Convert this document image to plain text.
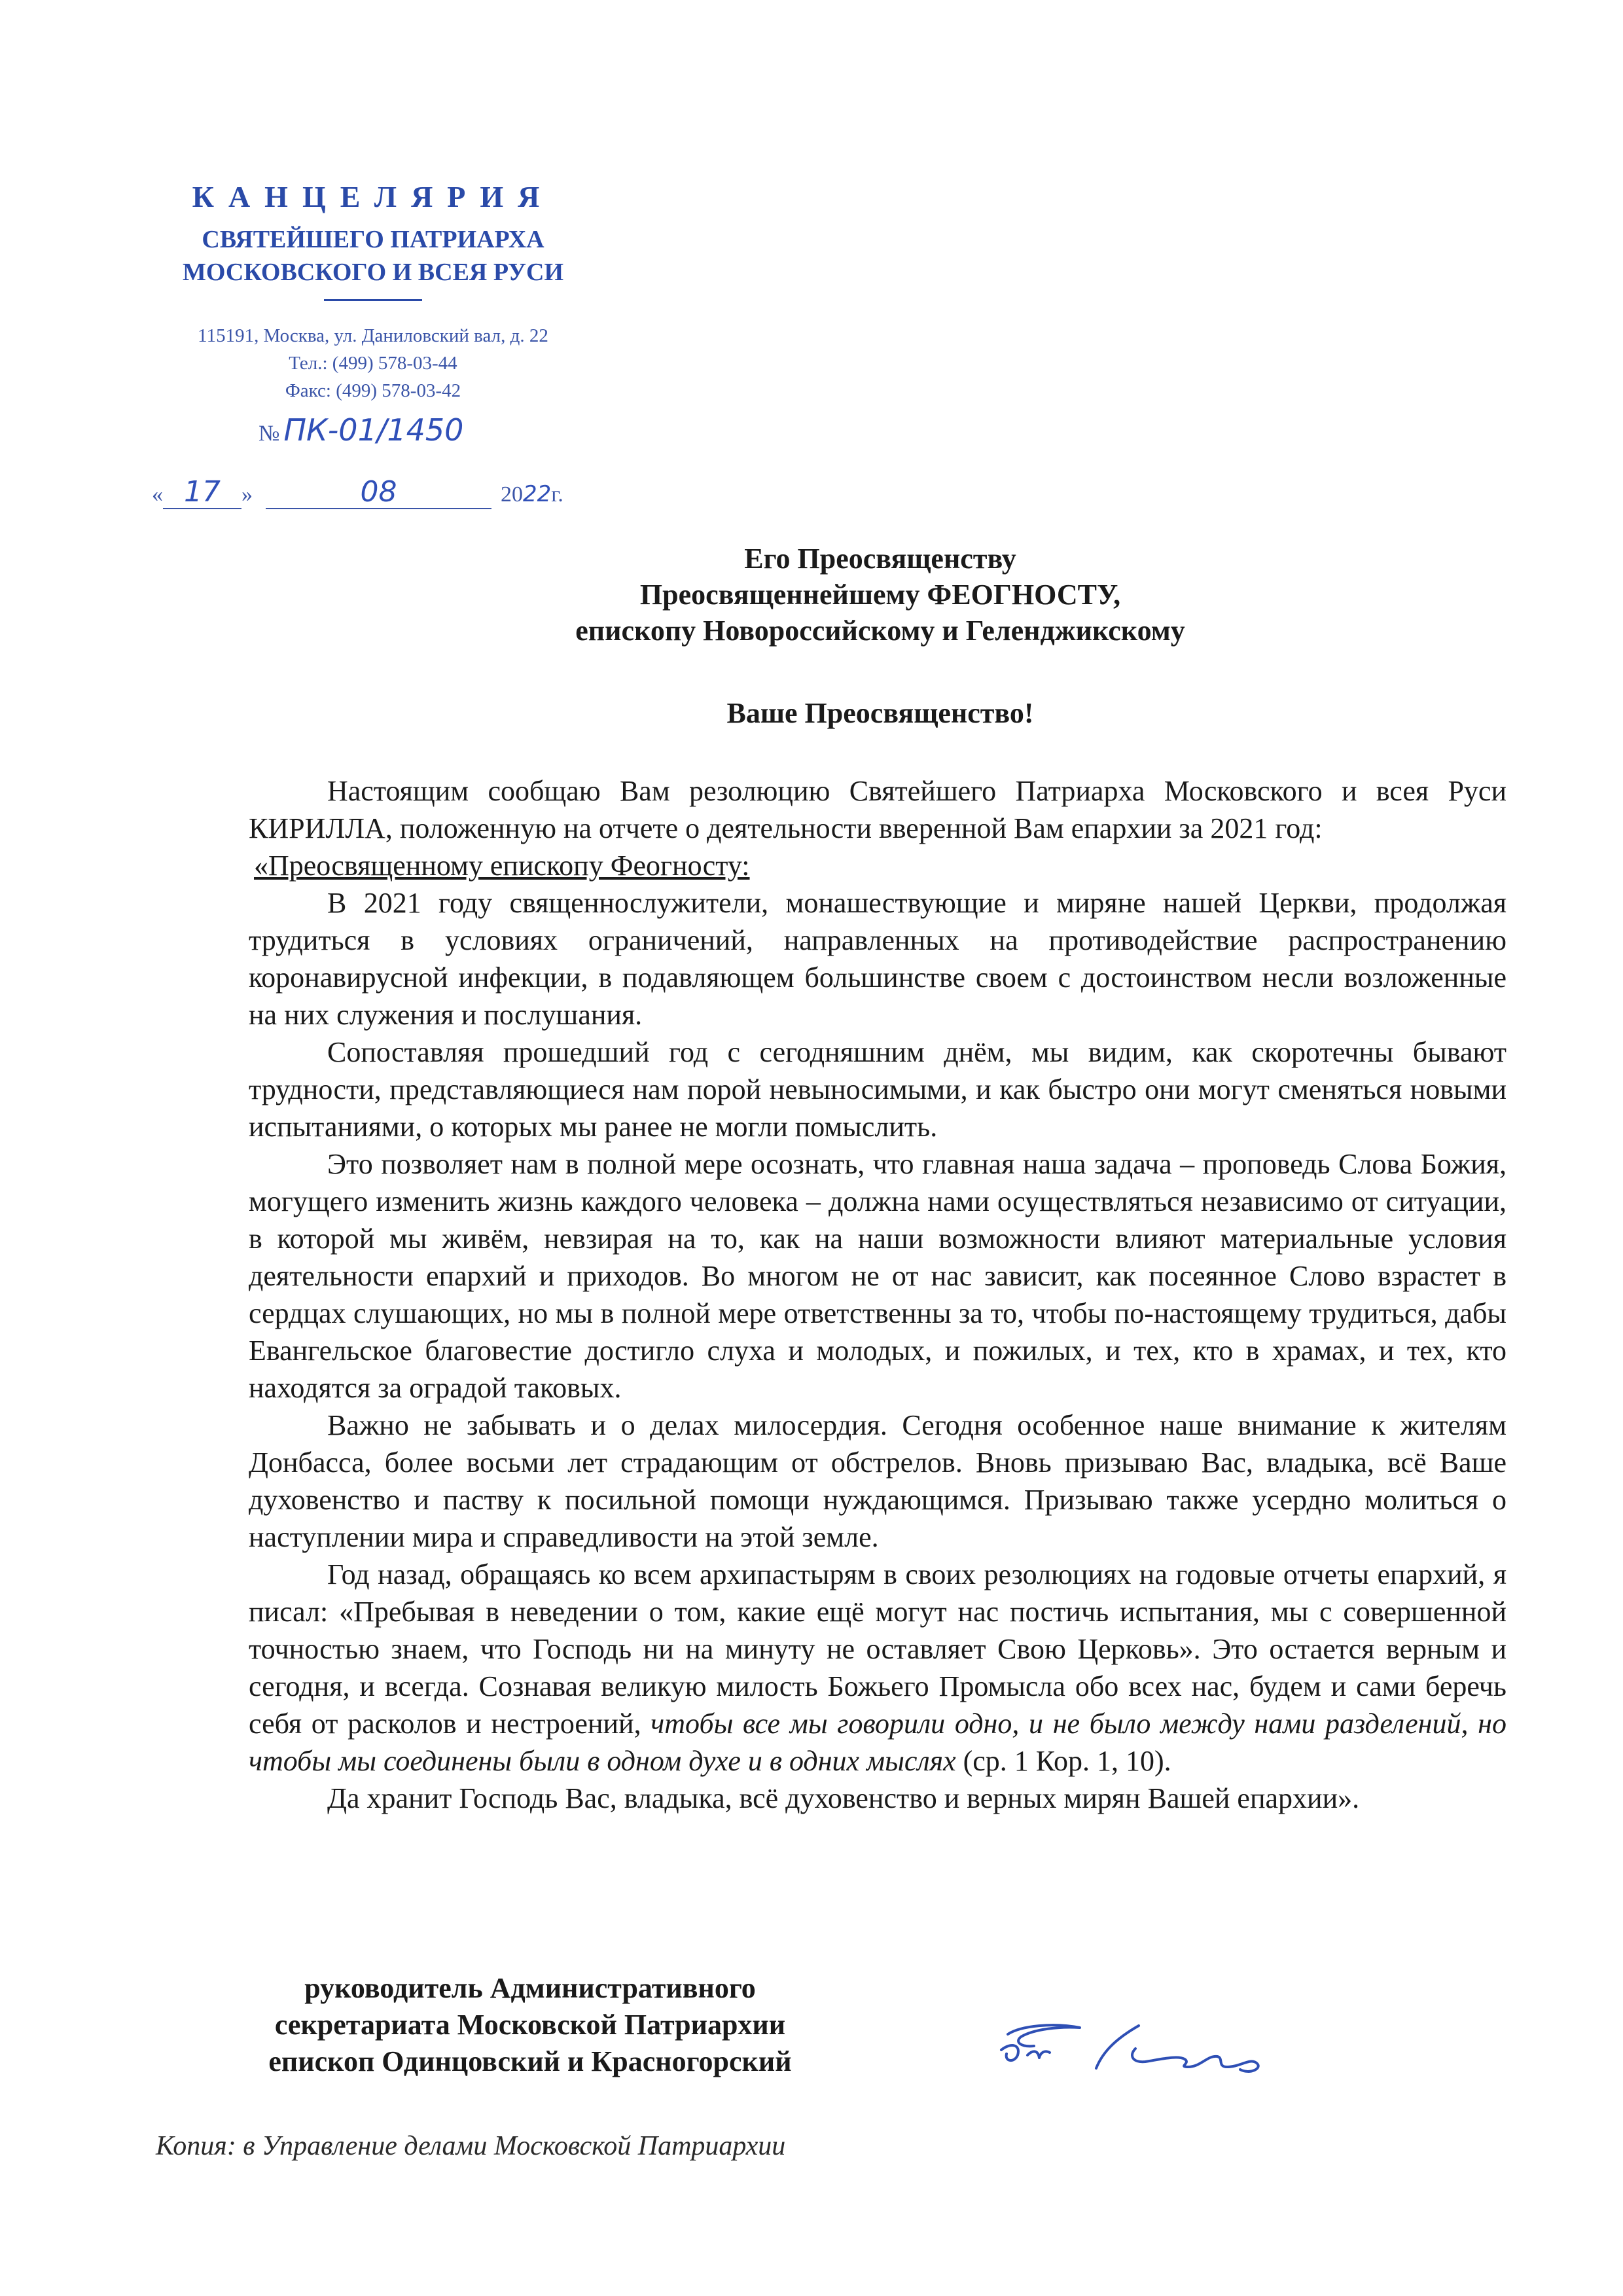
КАНЦЕЛЯРИЯ
СВЯТЕЙШЕГО ПАТРИАРХА
МОСКОВСКОГО И ВСЕЯ РУСИ
115191, Москва, ул. Даниловский вал, д. 22
Тел.: (499) 578-03-44
Факс: (499) 578-03-42
№ ПК-01/1450
« 17 »	08	2022г.
Его Преосвященству
Преосвященнейшему ФЕОГНОСТУ,
епископу Новороссийскому и Геленджикскому
Ваше Преосвященство!

Настоящим сообщаю Вам резолюцию Святейшего Патриарха Московского и всея Руси КИРИЛЛА, положенную на отчете о деятельности вверенной Вам епархии за 2021 год:

«Преосвященному епископу Феогносту:

В 2021 году священнослужители, монашествующие и миряне нашей Церкви, продолжая трудиться в условиях ограничений, направленных на противодействие распространению коронавирусной инфекции, в подавляющем большинстве своем с достоинством несли возложенные на них служения и послушания.

Сопоставляя прошедший год с сегодняшним днём, мы видим, как скоротечны бывают трудности, представляющиеся нам порой невыносимыми, и как быстро они могут сменяться новыми испытаниями, о которых мы ранее не могли помыслить.

Это позволяет нам в полной мере осознать, что главная наша задача – проповедь Слова Божия, могущего изменить жизнь каждого человека – должна нами осуществляться независимо от ситуации, в которой мы живём, невзирая на то, как на наши возможности влияют материальные условия деятельности епархий и приходов. Во многом не от нас зависит, как посеянное Слово взрастет в сердцах слушающих, но мы в полной мере ответственны за то, чтобы по-настоящему трудиться, дабы Евангельское благовестие достигло слуха и молодых, и пожилых, и тех, кто в храмах, и тех, кто находятся за оградой таковых.

Важно не забывать и о делах милосердия. Сегодня особенное наше внимание к жителям Донбасса, более восьми лет страдающим от обстрелов. Вновь призываю Вас, владыка, всё Ваше духовенство и паству к посильной помощи нуждающимся. Призываю также усердно молиться о наступлении мира и справедливости на этой земле.

Год назад, обращаясь ко всем архипастырям в своих резолюциях на годовые отчеты епархий, я писал: «Пребывая в неведении о том, какие ещё могут нас постичь испытания, мы с совершенной точностью знаем, что Господь ни на минуту не оставляет Свою Церковь». Это остается верным и сегодня, и всегда. Сознавая великую милость Божьего Промысла обо всех нас, будем и сами беречь себя от расколов и нестроений, чтобы все мы говорили одно, и не было между нами разделений, но чтобы мы соединены были в одном духе и в одних мыслях (ср. 1 Кор. 1, 10).

Да хранит Господь Вас, владыка, всё духовенство и верных мирян Вашей епархии».

руководитель Административного
секретариата Московской Патриархии
епископ Одинцовский и Красногорский
Копия: в Управление делами Московской Патриархии
